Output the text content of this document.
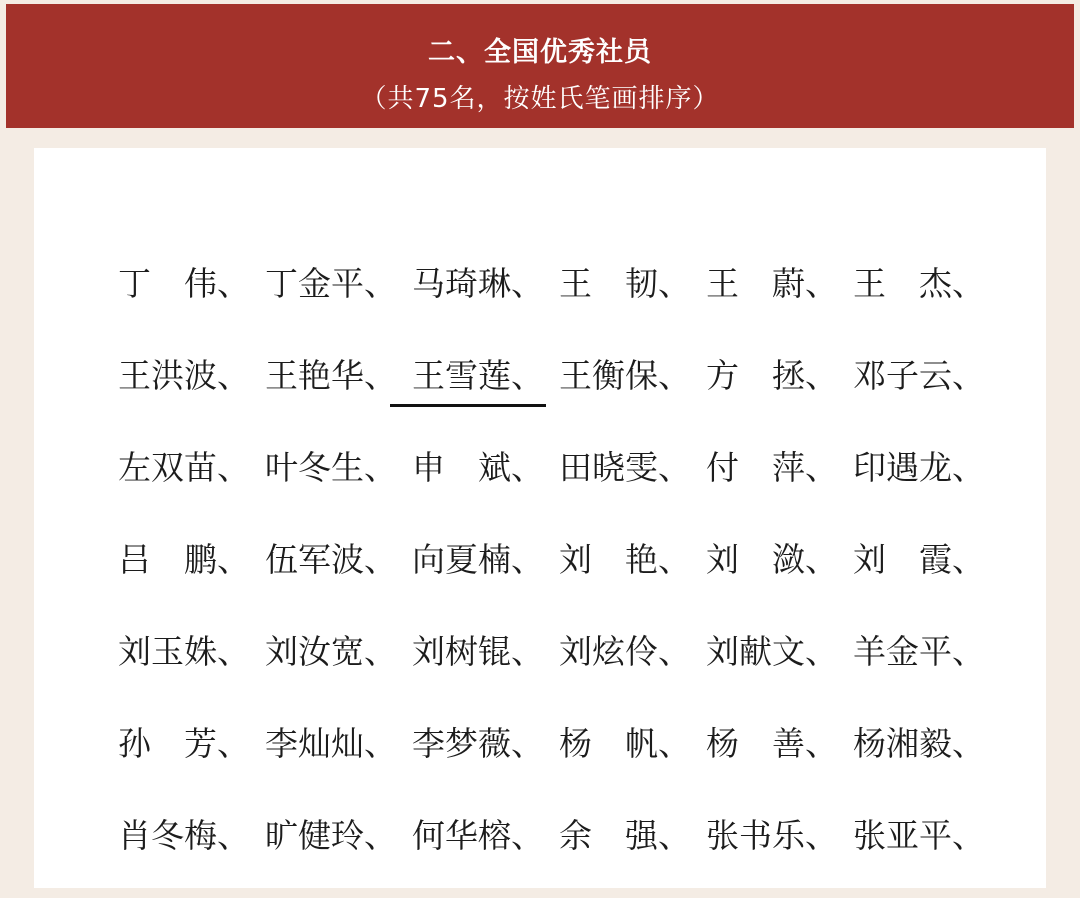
二、全国优秀社员
（共75名，按姓氏笔画排序）
丁　伟、 丁金平、 马琦琳、 王　韧、 王　蔚、 王　杰、
王洪波、 王艳华、 王雪莲、 王衡保、 方　拯、 邓子云、
左双苗、 叶冬生、 申　斌、 田晓雯、 付　萍、 印遇龙、
吕　鹏、 伍军波、 向夏楠、 刘　艳、 刘　潋、 刘　霞、
刘玉姝、 刘汝宽、 刘树锟、 刘炫伶、 刘献文、 羊金平、
孙　芳、 李灿灿、 李梦薇、 杨　帆、 杨　善、 杨湘毅、
肖冬梅、 旷健玲、 何华榕、 余　强、 张书乐、 张亚平、
